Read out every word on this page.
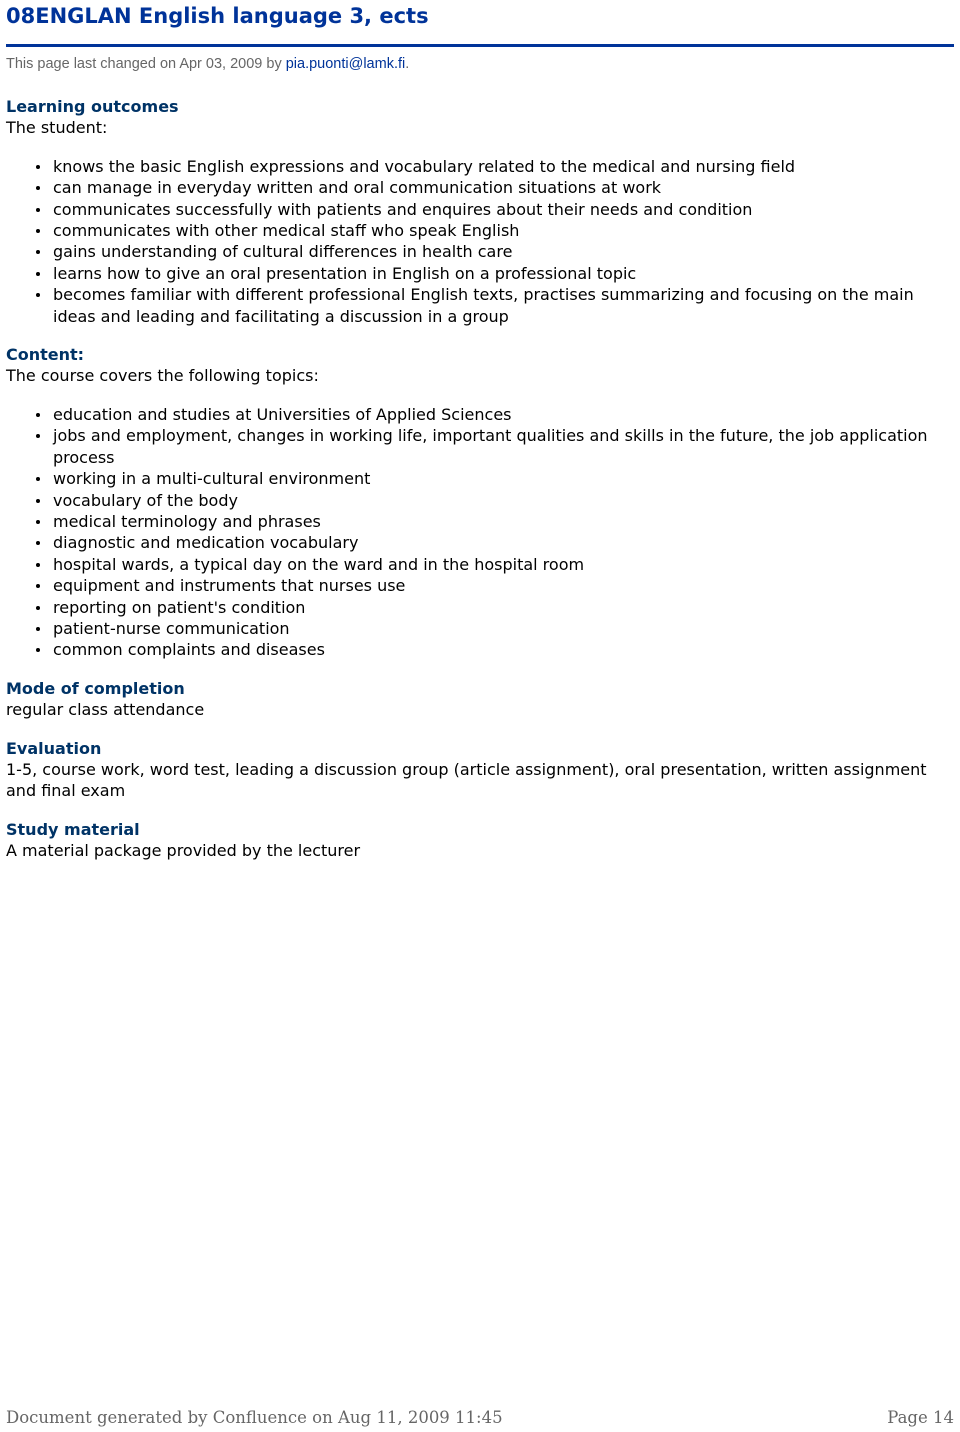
08ENGLAN English language 3, ects
This page last changed on Apr 03, 2009 by pia.puonti@lamk.fi.
Learning outcomes

The student:

knows the basic English expressions and vocabulary related to the medical and nursing field
can manage in everyday written and oral communication situations at work
communicates successfully with patients and enquires about their needs and condition
communicates with other medical staff who speak English
gains understanding of cultural differences in health care
learns how to give an oral presentation in English on a professional topic
becomes familiar with different professional English texts, practises summarizing and focusing on the main ideas and leading and facilitating a discussion in a group
Content:

The course covers the following topics:

education and studies at Universities of Applied Sciences
jobs and employment, changes in working life, important qualities and skills in the future, the job application process
working in a multi-cultural environment
vocabulary of the body
medical terminology and phrases
diagnostic and medication vocabulary
hospital wards, a typical day on the ward and in the hospital room
equipment and instruments that nurses use
reporting on patient's condition
patient-nurse communication
common complaints and diseases
Mode of completion

regular class attendance

Evaluation

1-5, course work, word test, leading a discussion group (article assignment), oral presentation, written assignment and final exam

Study material

A material package provided by the lecturer

Document generated by Confluence on Aug 11, 2009 11:45	Page 14
